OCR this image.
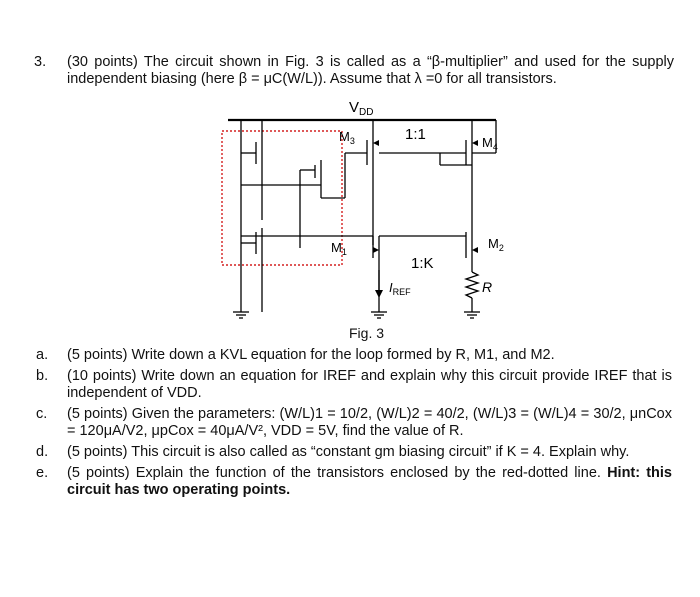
3. (30 points) The circuit shown in Fig. 3 is called as a “β-multiplier” and used for the supply independent biasing (here β = μC(W/L)). Assume that λ =0 for all transistors.
$V_{DD}$
$M_3$	1:1	$M_4$
$M_1$
$M_2$
1:K
$I_{REF}$	R
Fig. 3
a. (5 points) Write down a KVL equation for the loop formed by R, M1, and M2.
b. (10 points) Write down an equation for IREF and explain why this circuit provide IREF that is independent of VDD.
c. (5 points) Given the parameters: (W/L)1 = 10/2, (W/L)2 = 40/2, (W/L)3 = (W/L)4 = 30/2, μnCox = 120μA/V2, μpCox = 40μA/V², VDD = 5V, find the value of R.
d. (5 points) This circuit is also called as “constant gm biasing circuit” if K = 4. Explain why.
e. (5 points) Explain the function of the transistors enclosed by the red-dotted line. Hint: this circuit has two operating points.
